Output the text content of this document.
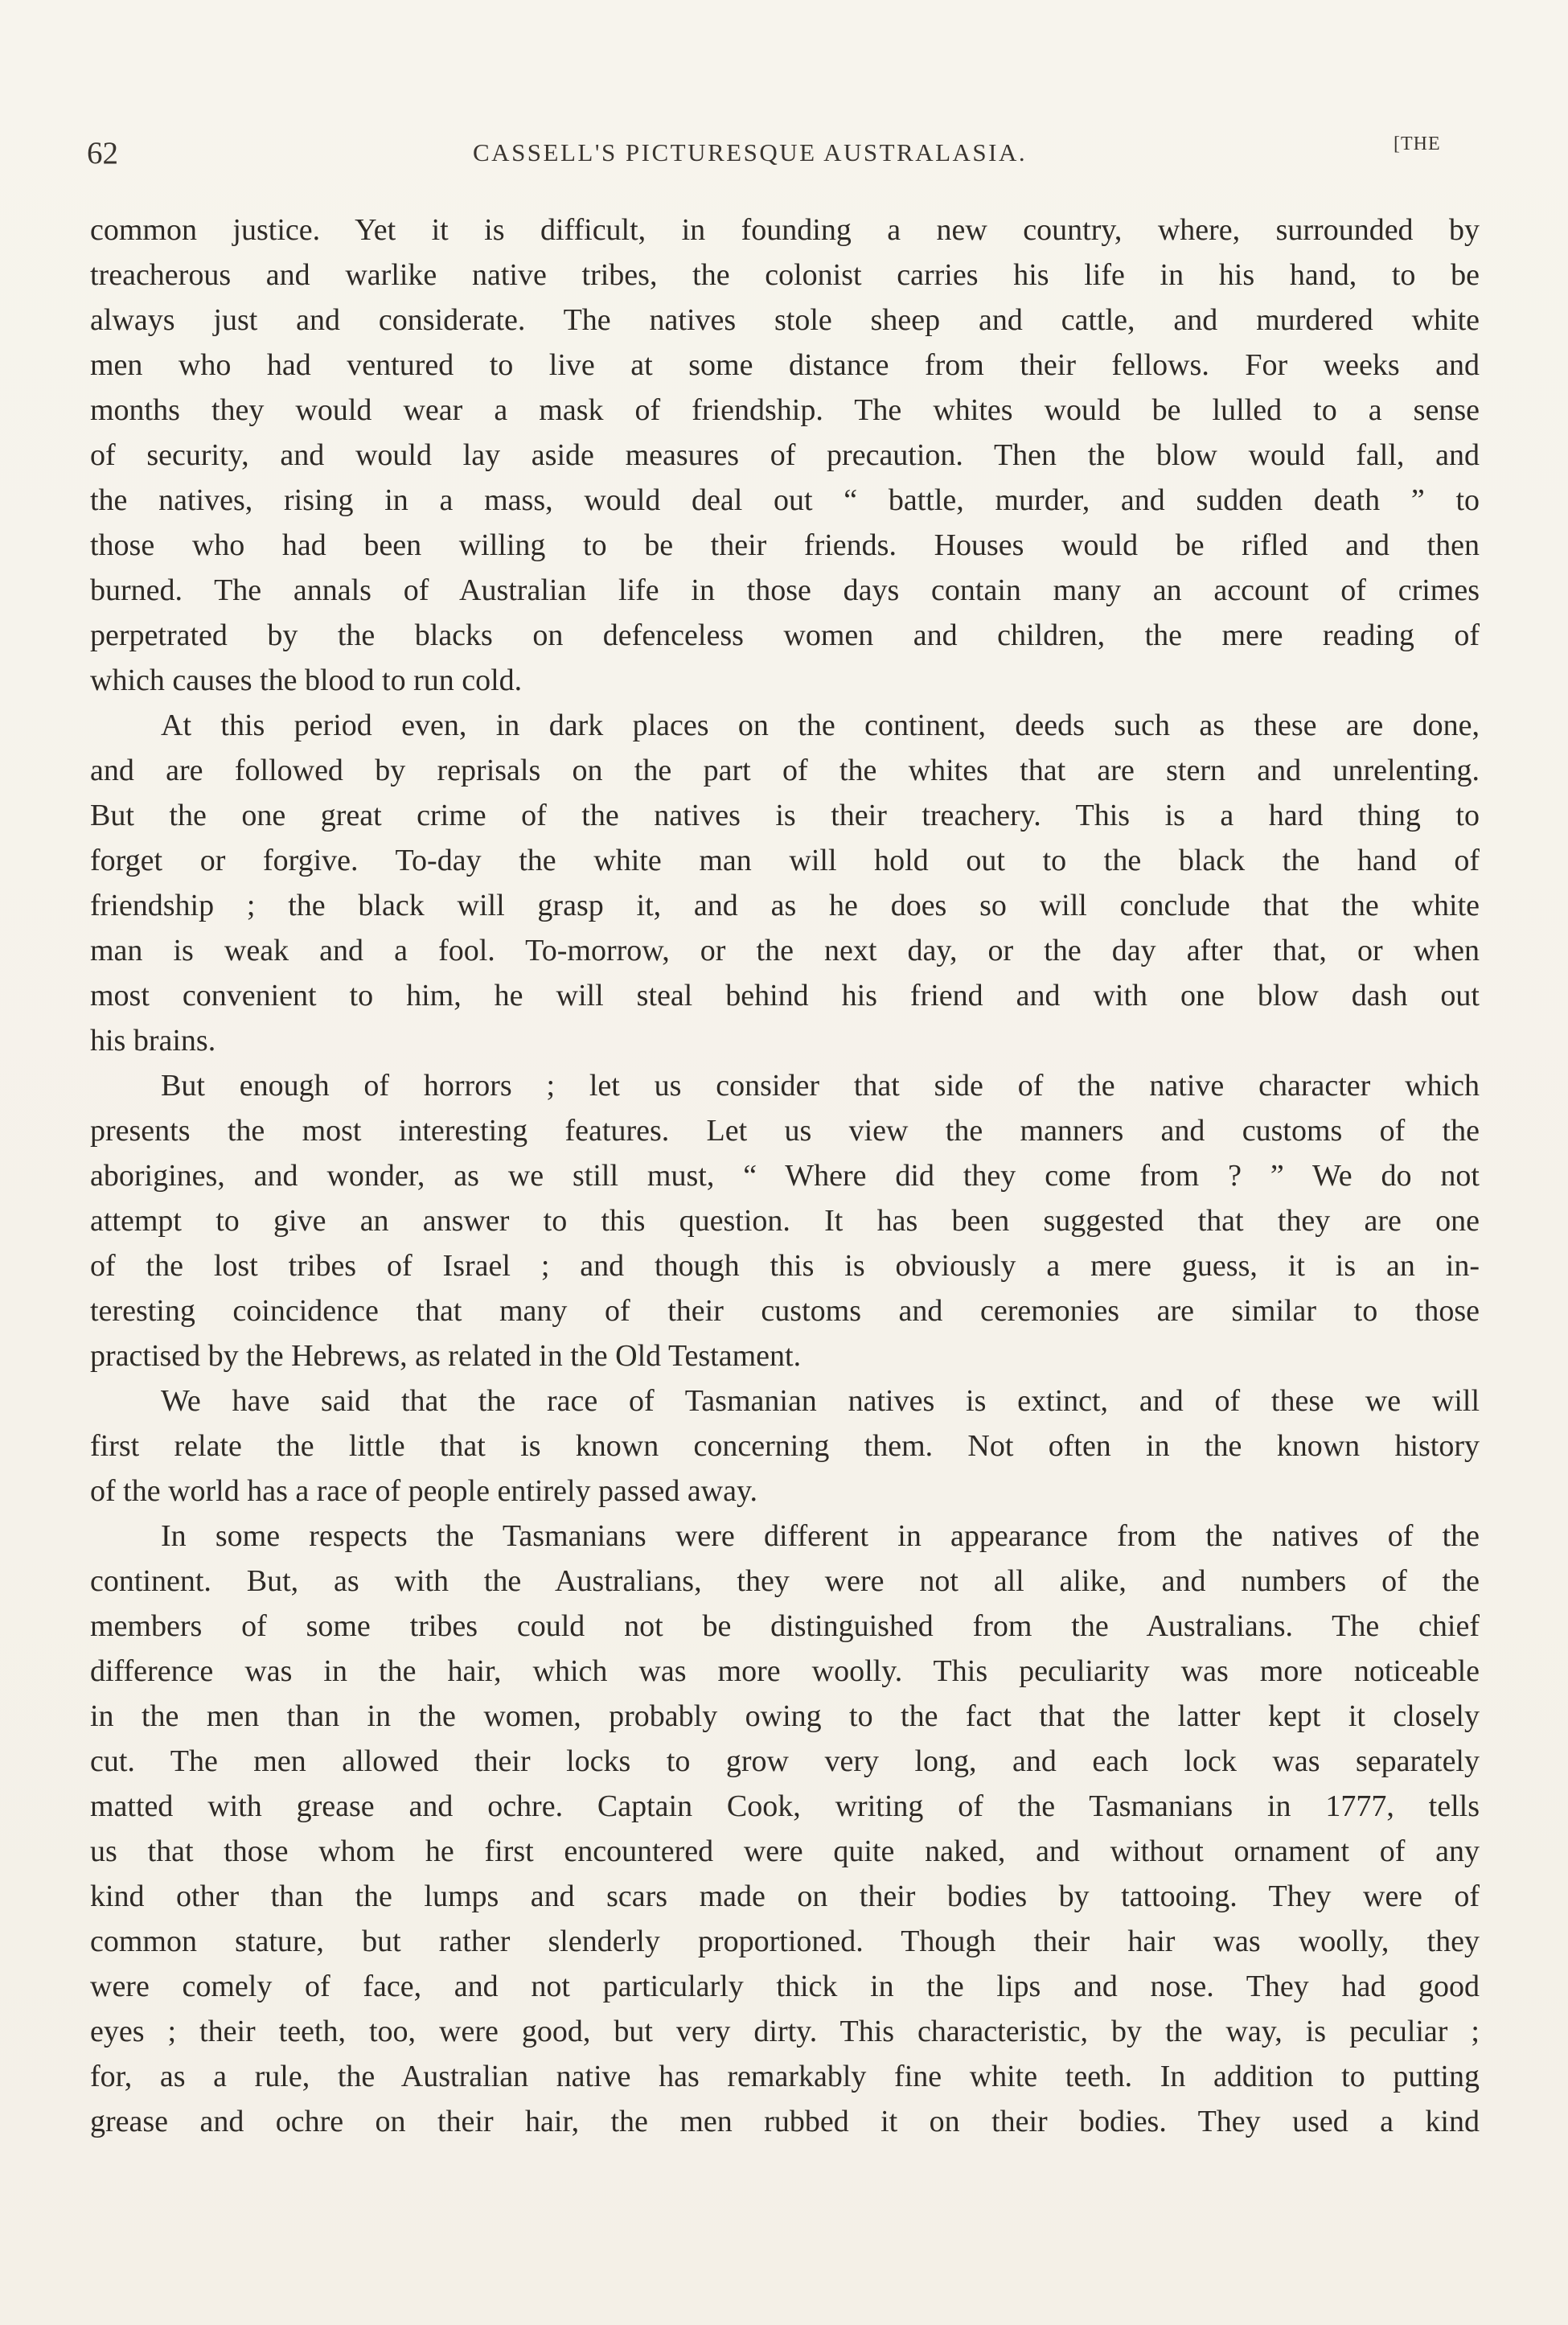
62	CASSELL'S PICTURESQUE AUSTRALASIA.	[THE
common justice. Yet it is difficult, in founding a new country, where, surrounded by
treacherous and warlike native tribes, the colonist carries his life in his hand, to be
always just and considerate. The natives stole sheep and cattle, and murdered white
men who had ventured to live at some distance from their fellows. For weeks and
months they would wear a mask of friendship. The whites would be lulled to a sense
of security, and would lay aside measures of precaution. Then the blow would fall, and
the natives, rising in a mass, would deal out “ battle, murder, and sudden death ” to
those who had been willing to be their friends. Houses would be rifled and then
burned. The annals of Australian life in those days contain many an account of crimes
perpetrated by the blacks on defenceless women and children, the mere reading of
which causes the blood to run cold.
At this period even, in dark places on the continent, deeds such as these are done,
and are followed by reprisals on the part of the whites that are stern and unrelenting.
But the one great crime of the natives is their treachery. This is a hard thing to
forget or forgive. To-day the white man will hold out to the black the hand of
friendship ; the black will grasp it, and as he does so will conclude that the white
man is weak and a fool. To-morrow, or the next day, or the day after that, or when
most convenient to him, he will steal behind his friend and with one blow dash out
his brains.
But enough of horrors ; let us consider that side of the native character which
presents the most interesting features. Let us view the manners and customs of the
aborigines, and wonder, as we still must, “ Where did they come from ? ” We do not
attempt to give an answer to this question. It has been suggested that they are one
of the lost tribes of Israel ; and though this is obviously a mere guess, it is an in-
teresting coincidence that many of their customs and ceremonies are similar to those
practised by the Hebrews, as related in the Old Testament.
We have said that the race of Tasmanian natives is extinct, and of these we will
first relate the little that is known concerning them. Not often in the known history
of the world has a race of people entirely passed away.
In some respects the Tasmanians were different in appearance from the natives of the
continent. But, as with the Australians, they were not all alike, and numbers of the
members of some tribes could not be distinguished from the Australians. The chief
difference was in the hair, which was more woolly. This peculiarity was more noticeable
in the men than in the women, probably owing to the fact that the latter kept it closely
cut. The men allowed their locks to grow very long, and each lock was separately
matted with grease and ochre. Captain Cook, writing of the Tasmanians in 1777, tells
us that those whom he first encountered were quite naked, and without ornament of any
kind other than the lumps and scars made on their bodies by tattooing. They were of
common stature, but rather slenderly proportioned. Though their hair was woolly, they
were comely of face, and not particularly thick in the lips and nose. They had good
eyes ; their teeth, too, were good, but very dirty. This characteristic, by the way, is peculiar ;
for, as a rule, the Australian native has remarkably fine white teeth. In addition to putting
grease and ochre on their hair, the men rubbed it on their bodies. They used a kind
